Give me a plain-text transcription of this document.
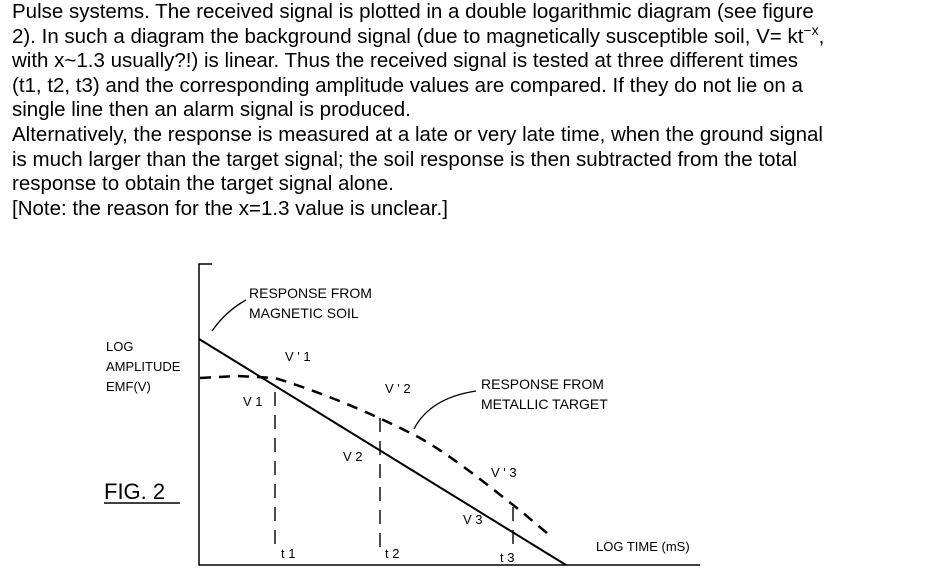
Pulse systems. The received signal is plotted in a double logarithmic diagram (see figure
2). In such a diagram the background signal (due to magnetically susceptible soil, $V= kt^{-x}$,
with x~1.3 usually?!) is linear. Thus the received signal is tested at three different times
(t1, t2, t3) and the corresponding amplitude values are compared. If they do not lie on a
single line then an alarm signal is produced.
Alternatively, the response is measured at a late or very late time, when the ground signal
is much larger than the target signal; the soil response is then subtracted from the total
response to obtain the target signal alone.
[Note: the reason for the x=1.3 value is unclear.]
LOG
AMPLITUDE
EMF(V)
LOG TIME (mS)
FIG. 2
RESPONSE FROM
MAGNETIC SOIL
RESPONSE FROM
METALLIC TARGET
V ' 1
V 1
V ' 2
V 2
V ' 3
V 3
t 1	t 2	t 3
